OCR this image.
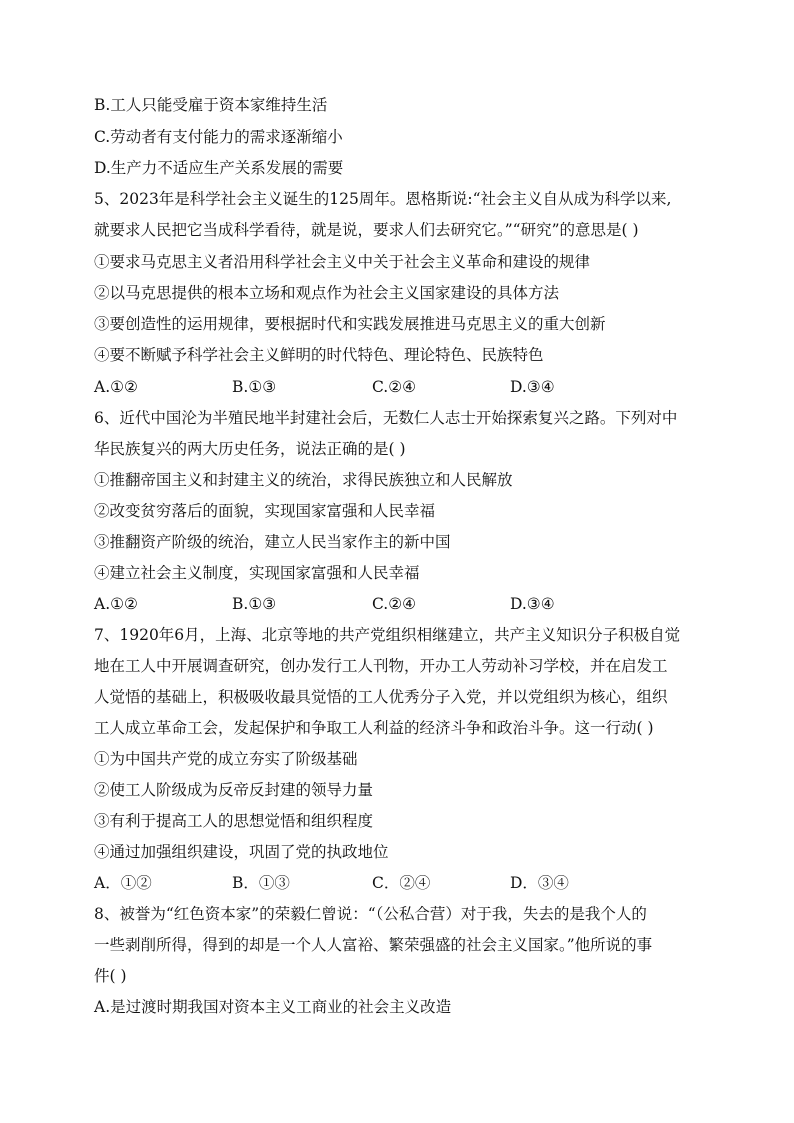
B.工人只能受雇于资本家维持生活
C.劳动者有支付能力的需求逐渐缩小
D.生产力不适应生产关系发展的需要
5、2023年是科学社会主义诞生的125周年。恩格斯说:“社会主义自从成为科学以来,
就要求人民把它当成科学看待，就是说，要求人们去研究它。”“研究”的意思是( )
①要求马克思主义者沿用科学社会主义中关于社会主义革命和建设的规律
②以马克思提供的根本立场和观点作为社会主义国家建设的具体方法
③要创造性的运用规律，要根据时代和实践发展推进马克思主义的重大创新
④要不断赋予科学社会主义鲜明的时代特色、理论特色、民族特色
A.①②	B.①③	C.②④	D.③④
6、近代中国沦为半殖民地半封建社会后，无数仁人志士开始探索复兴之路。下列对中
华民族复兴的两大历史任务，说法正确的是( )
①推翻帝国主义和封建主义的统治，求得民族独立和人民解放
②改变贫穷落后的面貌，实现国家富强和人民幸福
③推翻资产阶级的统治，建立人民当家作主的新中国
④建立社会主义制度，实现国家富强和人民幸福
A.①②	B.①③	C.②④	D.③④
7、1920年6月，上海、北京等地的共产党组织相继建立，共产主义知识分子积极自觉
地在工人中开展调查研究，创办发行工人刊物，开办工人劳动补习学校，并在启发工
人觉悟的基础上，积极吸收最具觉悟的工人优秀分子入党，并以党组织为核心，组织
工人成立革命工会，发起保护和争取工人利益的经济斗争和政治斗争。这一行动( )
①为中国共产党的成立夯实了阶级基础
②使工人阶级成为反帝反封建的领导力量
③有利于提高工人的思想觉悟和组织程度
④通过加强组织建设，巩固了党的执政地位
A．①②	B．①③	C．②④	D．③④
8、被誉为“红色资本家”的荣毅仁曾说：“（公私合营）对于我，失去的是我个人的
一些剥削所得，得到的却是一个人人富裕、繁荣强盛的社会主义国家。”他所说的事
件( )
A.是过渡时期我国对资本主义工商业的社会主义改造
